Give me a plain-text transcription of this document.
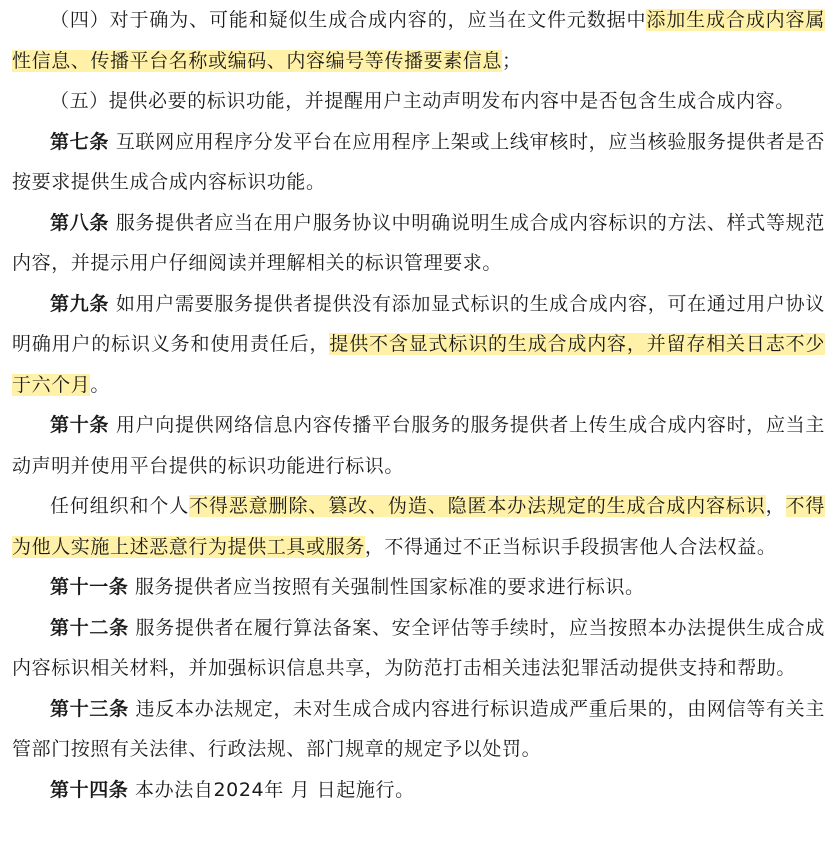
（四）对于确为、可能和疑似生成合成内容的，应当在文件元数据中添加生成合成内容属性信息、传播平台名称或编码、内容编号等传播要素信息；

（五）提供必要的标识功能，并提醒用户主动声明发布内容中是否包含生成合成内容。

第七条 互联网应用程序分发平台在应用程序上架或上线审核时，应当核验服务提供者是否按要求提供生成合成内容标识功能。

第八条 服务提供者应当在用户服务协议中明确说明生成合成内容标识的方法、样式等规范内容，并提示用户仔细阅读并理解相关的标识管理要求。

第九条 如用户需要服务提供者提供没有添加显式标识的生成合成内容，可在通过用户协议明确用户的标识义务和使用责任后，提供不含显式标识的生成合成内容，并留存相关日志不少于六个月。

第十条 用户向提供网络信息内容传播平台服务的服务提供者上传生成合成内容时，应当主动声明并使用平台提供的标识功能进行标识。

任何组织和个人不得恶意删除、篡改、伪造、隐匿本办法规定的生成合成内容标识，不得为他人实施上述恶意行为提供工具或服务，不得通过不正当标识手段损害他人合法权益。

第十一条 服务提供者应当按照有关强制性国家标准的要求进行标识。

第十二条 服务提供者在履行算法备案、安全评估等手续时，应当按照本办法提供生成合成内容标识相关材料，并加强标识信息共享，为防范打击相关违法犯罪活动提供支持和帮助。

第十三条 违反本办法规定，未对生成合成内容进行标识造成严重后果的，由网信等有关主管部门按照有关法律、行政法规、部门规章的规定予以处罚。

第十四条 本办法自2024年 月 日起施行。
